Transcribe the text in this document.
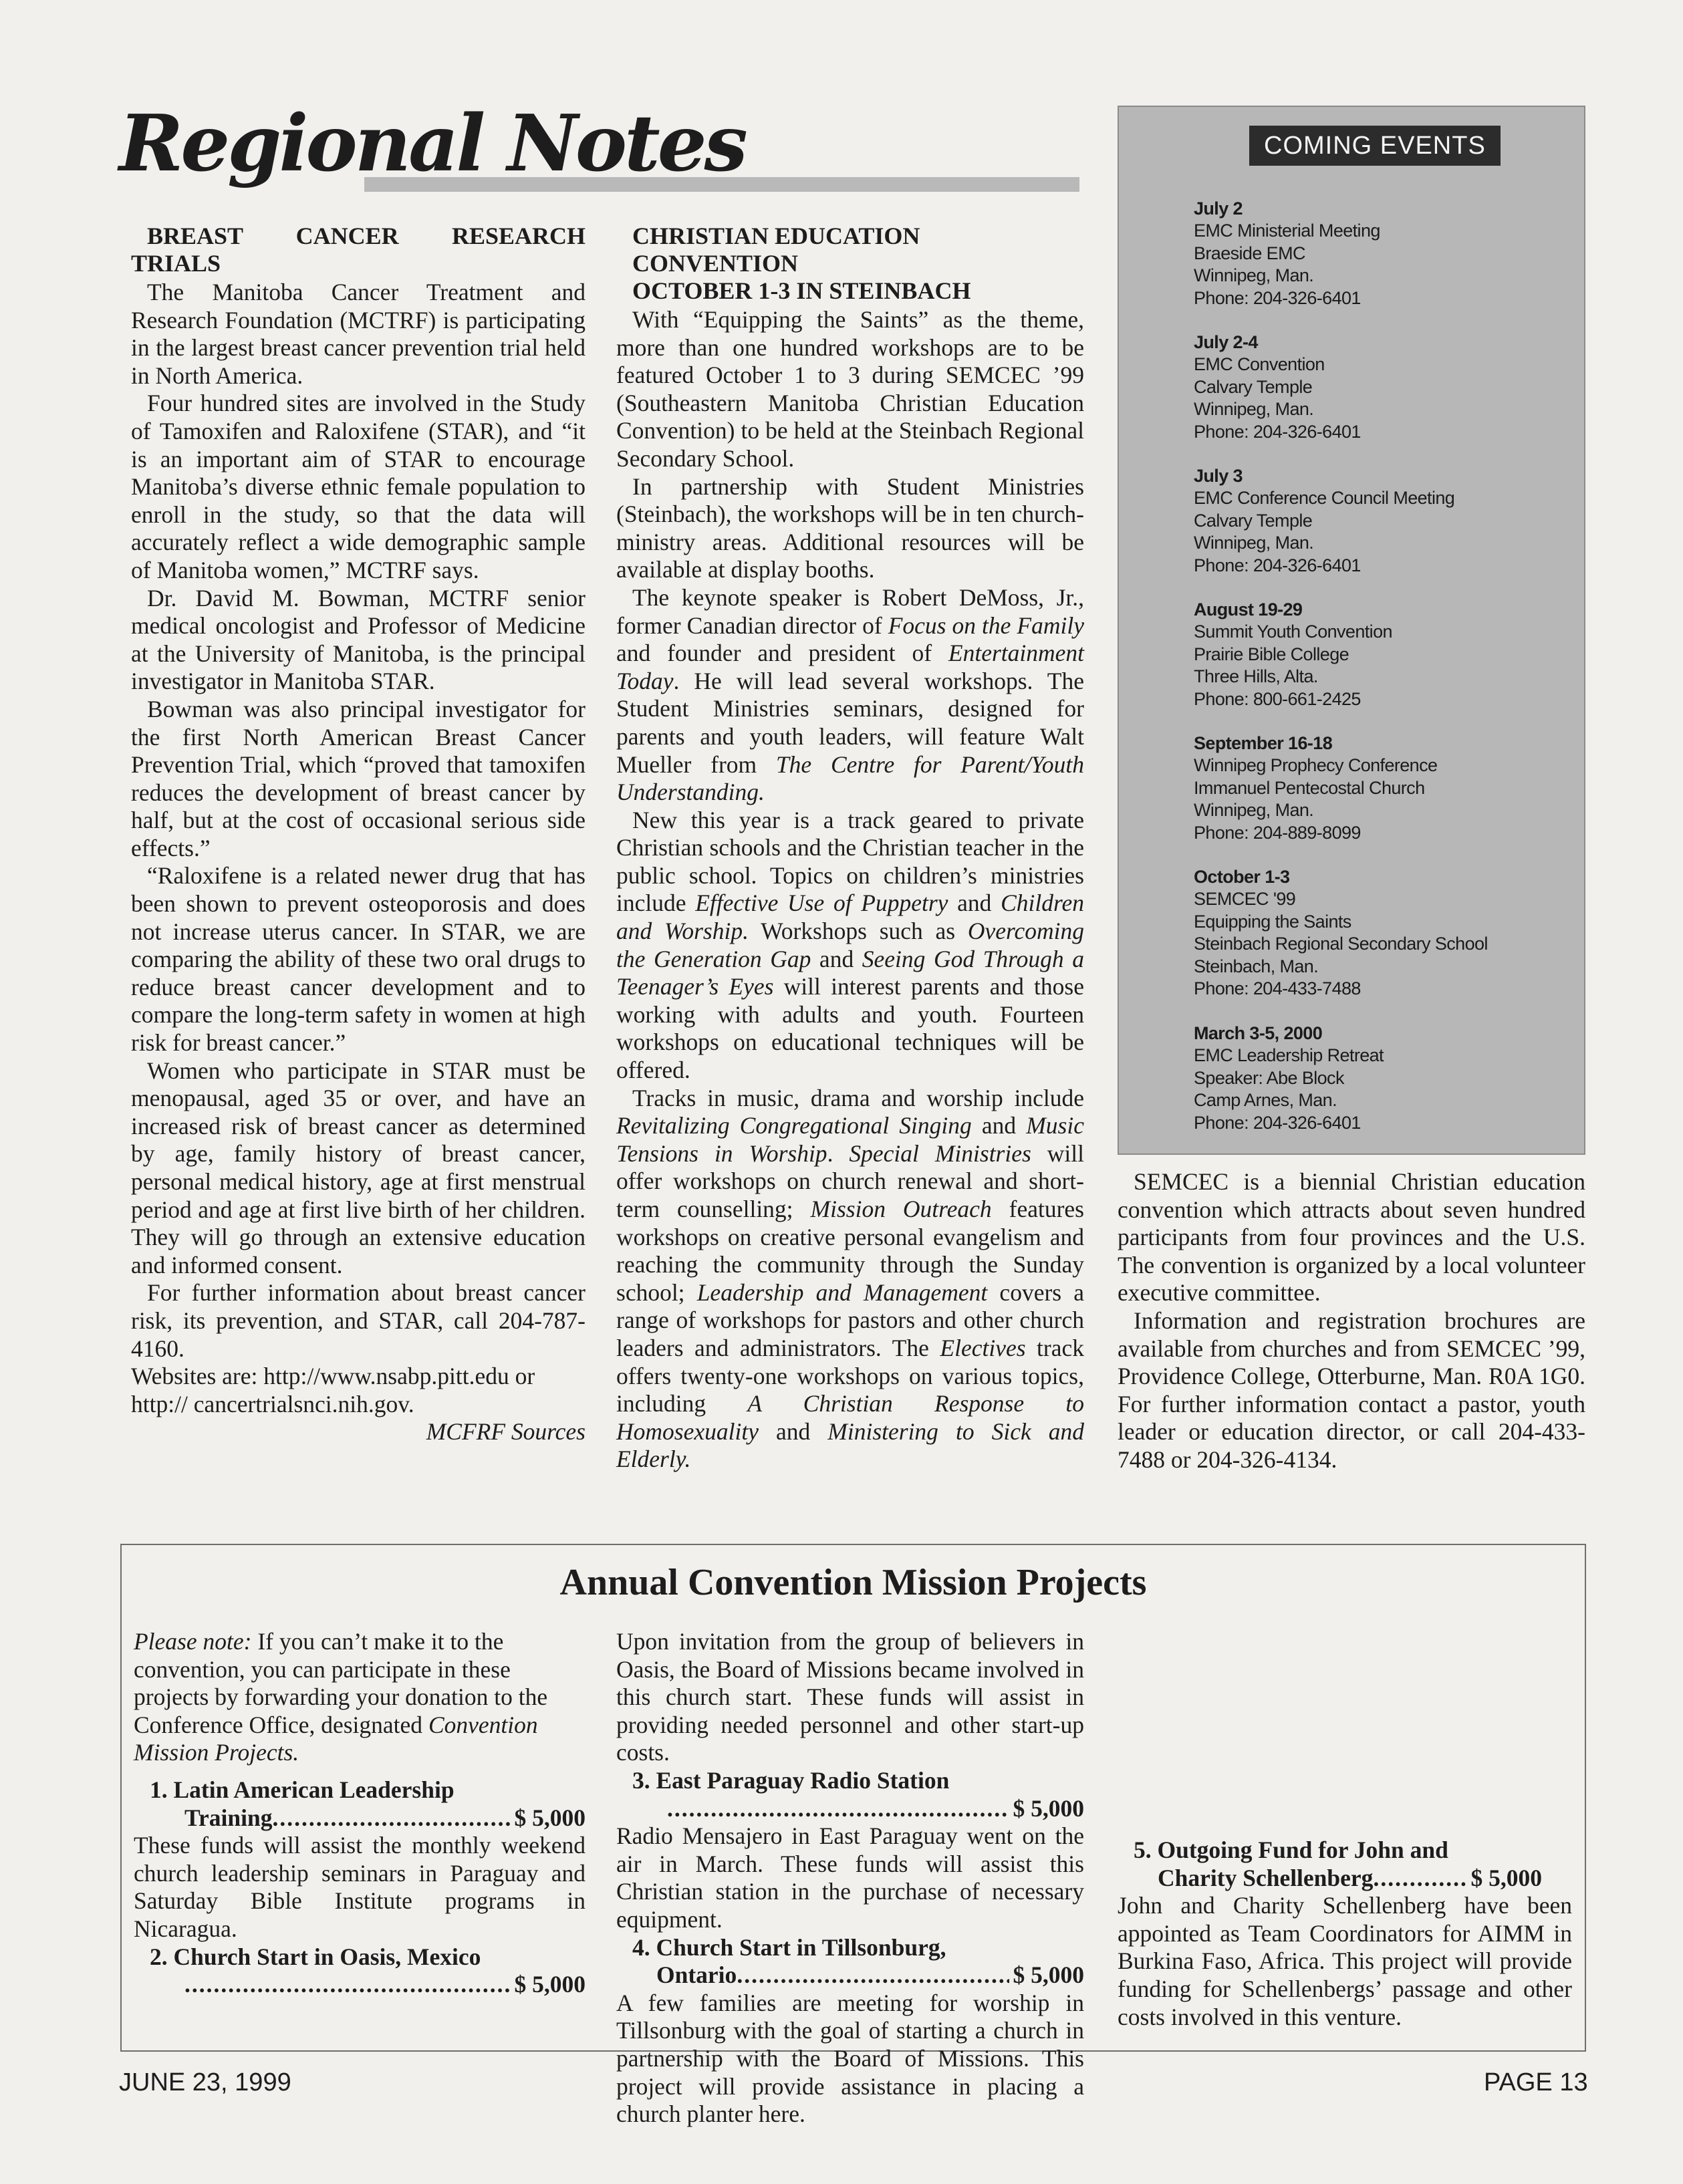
Regional Notes

BREAST CANCER RESEARCH TRIALS

The Manitoba Cancer Treatment and Research Foundation (MCTRF) is participating in the largest breast cancer prevention trial held in North America.

Four hundred sites are involved in the Study of Tamoxifen and Raloxifene (STAR), and “it is an important aim of STAR to encourage Manitoba’s diverse ethnic female population to enroll in the study, so that the data will accurately reflect a wide demographic sample of Manitoba women,” MCTRF says.

Dr. David M. Bowman, MCTRF senior medical oncologist and Professor of Medicine at the University of Manitoba, is the principal investigator in Manitoba STAR.

Bowman was also principal investigator for the first North American Breast Cancer Prevention Trial, which “proved that tamoxifen reduces the development of breast cancer by half, but at the cost of occasional serious side effects.”

“Raloxifene is a related newer drug that has been shown to prevent osteoporosis and does not increase uterus cancer. In STAR, we are comparing the ability of these two oral drugs to reduce breast cancer development and to compare the long-term safety in women at high risk for breast cancer.”

Women who participate in STAR must be menopausal, aged 35 or over, and have an increased risk of breast cancer as determined by age, family history of breast cancer, personal medical history, age at first menstrual period and age at first live birth of her children. They will go through an extensive education and informed consent.

For further information about breast cancer risk, its prevention, and STAR, call 204-787-4160.

Websites are: http://www.nsabp.pitt.edu or http:// cancertrialsnci.nih.gov.

MCFRF Sources

CHRISTIAN EDUCATION

CONVENTION

OCTOBER 1-3 IN STEINBACH

With “Equipping the Saints” as the theme, more than one hundred workshops are to be featured October 1 to 3 during SEMCEC ’99 (Southeastern Manitoba Christian Education Convention) to be held at the Steinbach Regional Secondary School.

In partnership with Student Ministries (Steinbach), the workshops will be in ten church-ministry areas. Additional resources will be available at display booths.

The keynote speaker is Robert DeMoss, Jr., former Canadian director of Focus on the Family and founder and president of Entertainment Today. He will lead several workshops. The Student Ministries seminars, designed for parents and youth leaders, will feature Walt Mueller from The Centre for Parent/Youth Understanding.

New this year is a track geared to private Christian schools and the Christian teacher in the public school. Topics on children’s ministries include Effective Use of Puppetry and Children and Worship. Workshops such as Overcoming the Generation Gap and Seeing God Through a Teenager’s Eyes will interest parents and those working with adults and youth. Fourteen workshops on educational techniques will be offered.

Tracks in music, drama and worship include Revitalizing Congregational Singing and Music Tensions in Worship. Special Ministries will offer workshops on church renewal and short-term counselling; Mission Outreach features workshops on creative personal evangelism and reaching the community through the Sunday school; Leadership and Management covers a range of workshops for pastors and other church leaders and administrators. The Electives track offers twenty-one workshops on various topics, including A Christian Response to Homosexuality and Ministering to Sick and Elderly.

COMING EVENTS
July 2
EMC Ministerial Meeting
Braeside EMC
Winnipeg, Man.
Phone: 204-326-6401
July 2-4
EMC Convention
Calvary Temple
Winnipeg, Man.
Phone: 204-326-6401
July 3
EMC Conference Council Meeting
Calvary Temple
Winnipeg, Man.
Phone: 204-326-6401
August 19-29
Summit Youth Convention
Prairie Bible College
Three Hills, Alta.
Phone: 800-661-2425
September 16-18
Winnipeg Prophecy Conference
Immanuel Pentecostal Church
Winnipeg, Man.
Phone: 204-889-8099
October 1-3
SEMCEC '99
Equipping the Saints
Steinbach Regional Secondary School
Steinbach, Man.
Phone: 204-433-7488
March 3-5, 2000
EMC Leadership Retreat
Speaker: Abe Block
Camp Arnes, Man.
Phone: 204-326-6401

SEMCEC is a biennial Christian education convention which attracts about seven hundred participants from four provinces and the U.S. The convention is organized by a local volunteer executive committee.

Information and registration brochures are available from churches and from SEMCEC ’99, Providence College, Otterburne, Man. R0A 1G0. For further information contact a pastor, youth leader or education director, or call 204-433-7488 or 204-326-4134.

Annual Convention Mission Projects

Please note: If you can’t make it to the convention, you can participate in these projects by forwarding your donation to the Conference Office, designated Convention Mission Projects.

1. Latin American Leadership
Training .....	$ 5,000

These funds will assist the monthly weekend church leadership seminars in Paraguay and Saturday Bible Institute programs in Nicaragua.

2. Church Start in Oasis, Mexico
.....
$ 5,000

Upon invitation from the group of believers in Oasis, the Board of Missions became involved in this church start. These funds will assist in providing needed personnel and other start-up costs.

3. East Paraguay Radio Station
.....
$ 5,000

Radio Mensajero in East Paraguay went on the air in March. These funds will assist this Christian station in the purchase of necessary equipment.

4. Church Start in Tillsonburg,
Ontario .....	$ 5,000

A few families are meeting for worship in Tillsonburg with the goal of starting a church in partnership with the Board of Missions. This project will provide assistance in placing a church planter here.

5. Outgoing Fund for John and
Charity Schellenberg .....	$ 5,000

John and Charity Schellenberg have been appointed as Team Coordinators for AIMM in Burkina Faso, Africa. This project will provide funding for Schellenbergs’ passage and other costs involved in this venture.

JUNE 23, 1999	PAGE 13
